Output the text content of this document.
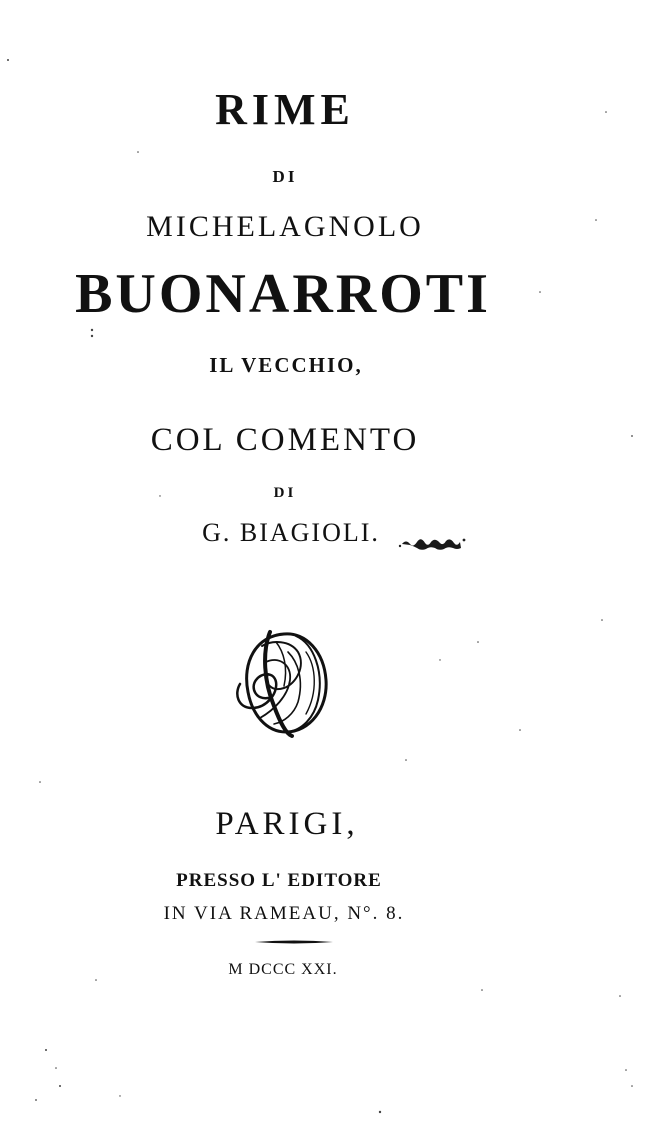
RIME
DI
MICHELAGNOLO
BUONARROTI
IL VECCHIO,
COL COMENTO
DI
G. BIAGIOLI.
PARIGI,
PRESSO L' EDITORE
IN VIA RAMEAU, N°. 8.
M DCCC XXI.
